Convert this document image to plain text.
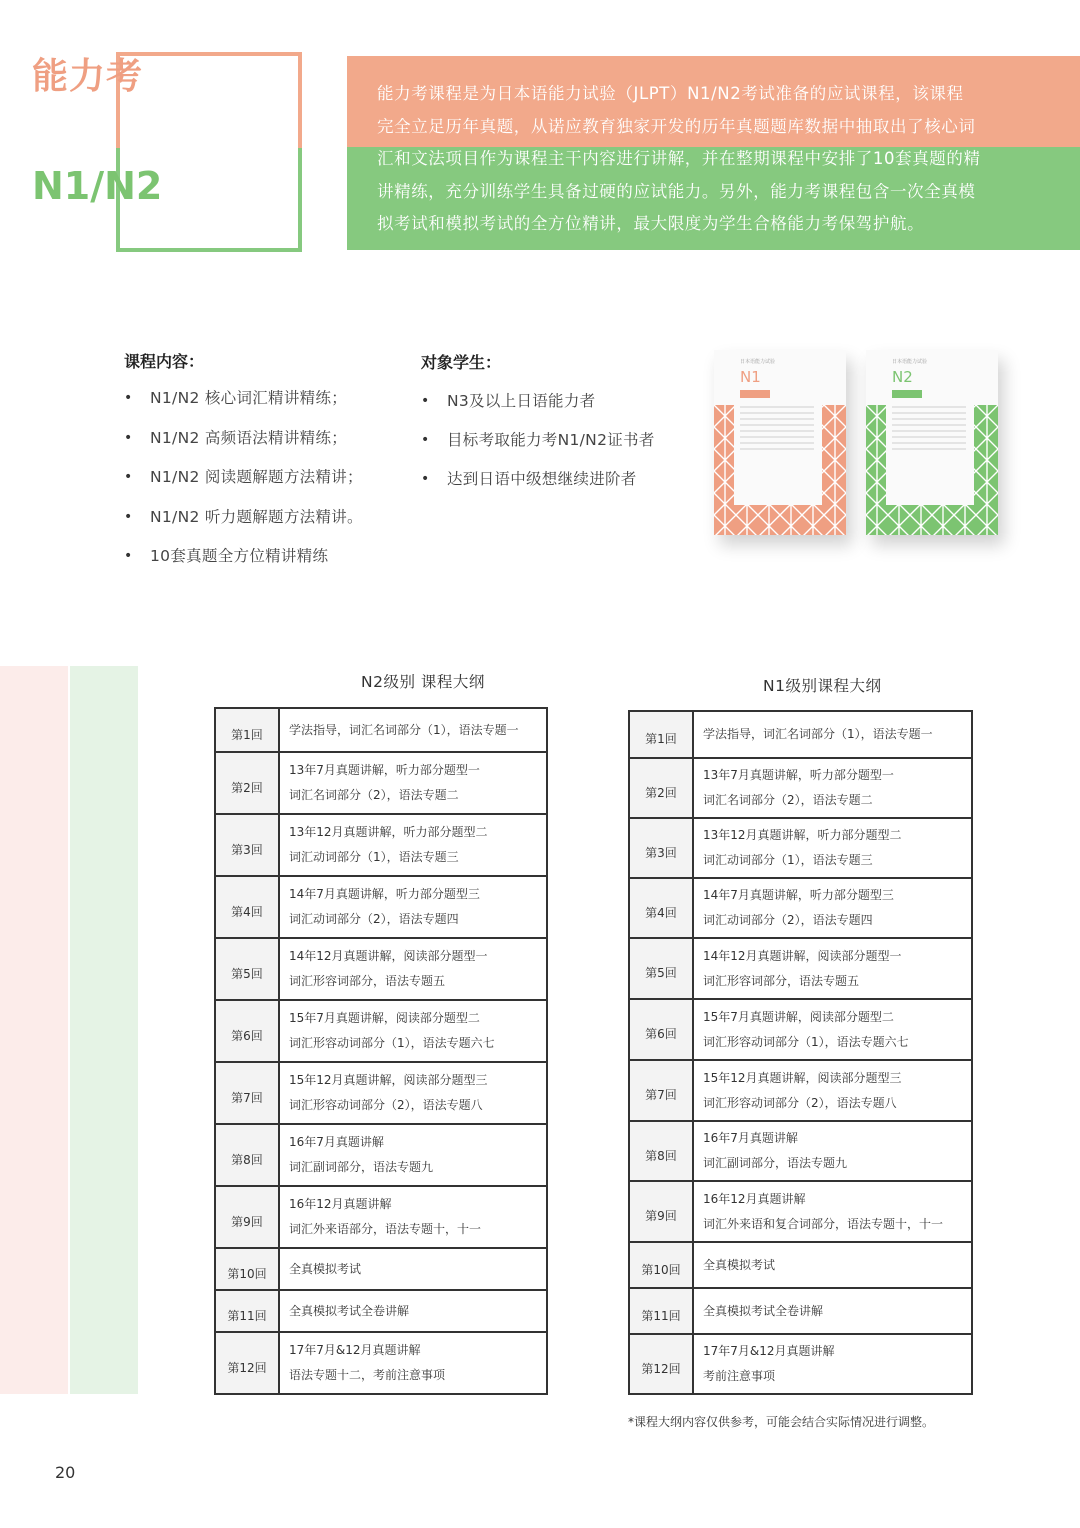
能力考
N1/N2
能力考课程是为日本语能力试验（JLPT）N1/N2考试准备的应试课程，该课程
完全立足历年真题，从诺应教育独家开发的历年真题题库数据中抽取出了核心词
汇和文法项目作为课程主干内容进行讲解，并在整期课程中安排了10套真题的精
讲精练，充分训练学生具备过硬的应试能力。另外，能力考课程包含一次全真模
拟考试和模拟考试的全方位精讲，最大限度为学生合格能力考保驾护航。
课程内容：
• N1/N2 核心词汇精讲精练；
• N1/N2 高频语法精讲精练；
• N1/N2 阅读题解题方法精讲；
• N1/N2 听力题解题方法精讲。
• 10套真题全方位精讲精练
对象学生：
• N3及以上日语能力者
• 目标考取能力考N1/N2证书者
• 达到日语中级想继续进阶者
日本语能力试验
N1
日本语能力试验
N2
N2级别 课程大纲
第1回	学法指导，词汇名词部分（1），语法专题一

第2回	13年7月真题讲解，听力部分题型一
词汇名词部分（2），语法专题二

第3回	13年12月真题讲解，听力部分题型二
词汇动词部分（1），语法专题三

第4回	14年7月真题讲解，听力部分题型三
词汇动词部分（2），语法专题四

第5回	14年12月真题讲解，阅读部分题型一
词汇形容词部分，语法专题五

第6回	15年7月真题讲解，阅读部分题型二
词汇形容动词部分（1），语法专题六七

第7回	15年12月真题讲解，阅读部分题型三
词汇形容动词部分（2），语法专题八

第8回	16年7月真题讲解
词汇副词部分，语法专题九

第9回	16年12月真题讲解
词汇外来语部分，语法专题十，十一

第10回	全真模拟考试

第11回	全真模拟考试全卷讲解

第12回	17年7月&12月真题讲解
语法专题十二，考前注意事项
N1级别课程大纲
第1回	学法指导，词汇名词部分（1），语法专题一

第2回	13年7月真题讲解，听力部分题型一
词汇名词部分（2），语法专题二

第3回	13年12月真题讲解，听力部分题型二
词汇动词部分（1），语法专题三

第4回	14年7月真题讲解，听力部分题型三
词汇动词部分（2），语法专题四

第5回	14年12月真题讲解，阅读部分题型一
词汇形容词部分，语法专题五

第6回	15年7月真题讲解，阅读部分题型二
词汇形容动词部分（1），语法专题六七

第7回	15年12月真题讲解，阅读部分题型三
词汇形容动词部分（2），语法专题八

第8回	16年7月真题讲解
词汇副词部分，语法专题九

第9回	16年12月真题讲解
词汇外来语和复合词部分，语法专题十，十一

第10回	全真模拟考试

第11回	全真模拟考试全卷讲解

第12回	17年7月&12月真题讲解
考前注意事项
*课程大纲内容仅供参考，可能会结合实际情况进行调整。
20
